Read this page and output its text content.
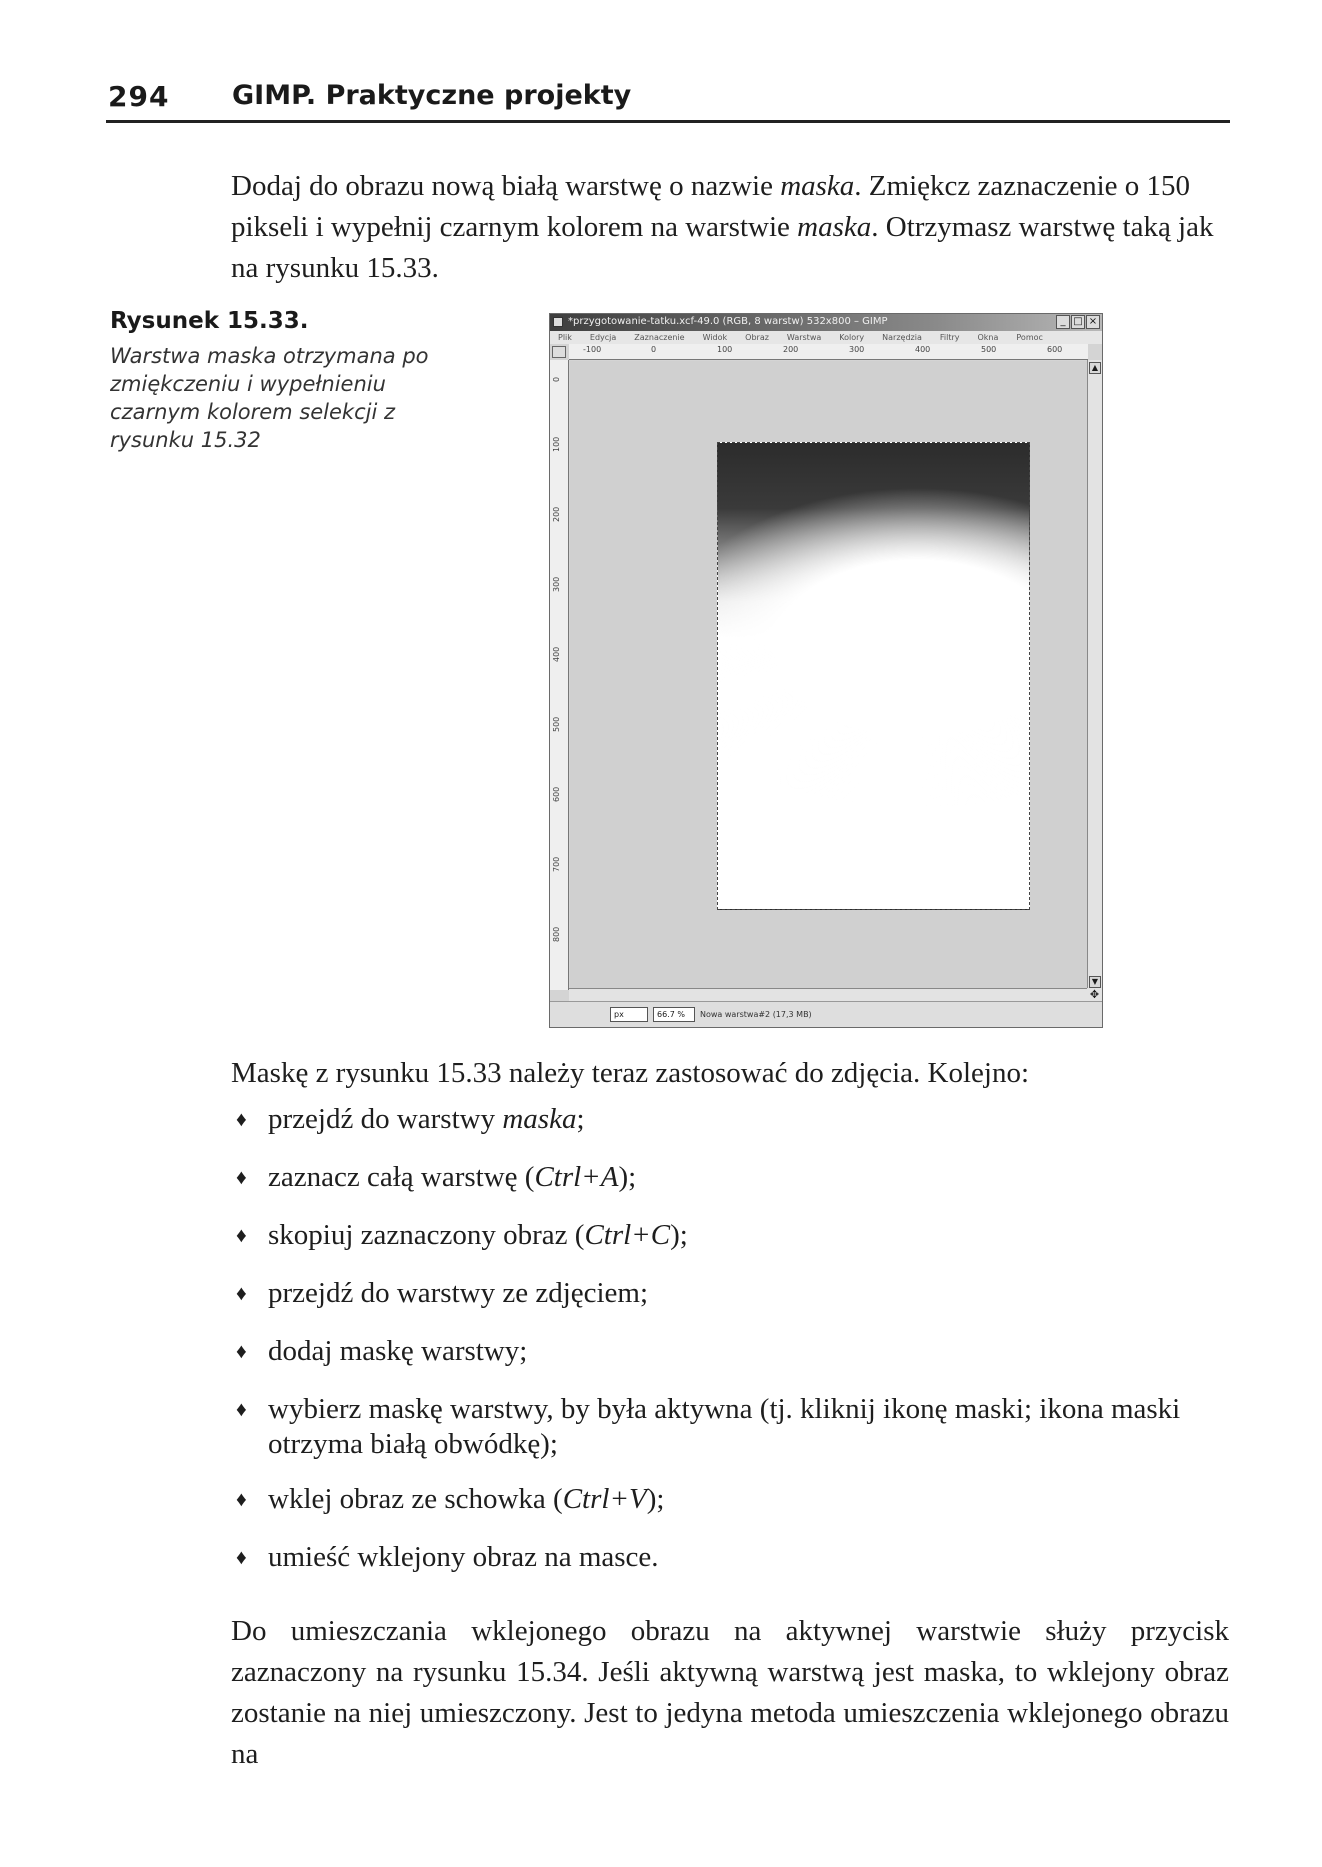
294 GIMP. Praktyczne projekty

Dodaj do obrazu nową białą warstwę o nazwie maska. Zmiękcz zaznaczenie o 150 pikseli i wypełnij czarnym kolorem na warstwie maska. Otrzymasz warstwę taką jak na rysunku 15.33.

Rysunek 15.33.
Warstwa maska otrzymana po zmiękczeniu i wypełnieniu czarnym kolorem selekcji z rysunku 15.32
*przygotowanie-tatku.xcf-49.0 (RGB, 8 warstw) 532x800 – GIMP	_ □ ×
Plik Edycja Zaznaczenie Widok Obraz Warstwa Kolory Narzędzia Filtry Okna Pomoc
-100	0	100	200	300	400	500	600
0
100
200
300
400
500
600
700
800
▲
▼
✥
px	66.7 %	Nowa warstwa#2 (17,3 MB)

Maskę z rysunku 15.33 należy teraz zastosować do zdjęcia. Kolejno:

♦ przejdź do warstwy maska;
♦ zaznacz całą warstwę (Ctrl+A);
♦ skopiuj zaznaczony obraz (Ctrl+C);
♦ przejdź do warstwy ze zdjęciem;
♦ dodaj maskę warstwy;
♦ wybierz maskę warstwy, by była aktywna (tj. kliknij ikonę maski; ikona maski otrzyma białą obwódkę);
♦ wklej obraz ze schowka (Ctrl+V);
♦ umieść wklejony obraz na masce.

Do umieszczania wklejonego obrazu na aktywnej warstwie służy przycisk zaznaczony na rysunku 15.34. Jeśli aktywną warstwą jest maska, to wklejony obraz zostanie na niej umieszczony. Jest to jedyna metoda umieszczenia wklejonego obrazu na
